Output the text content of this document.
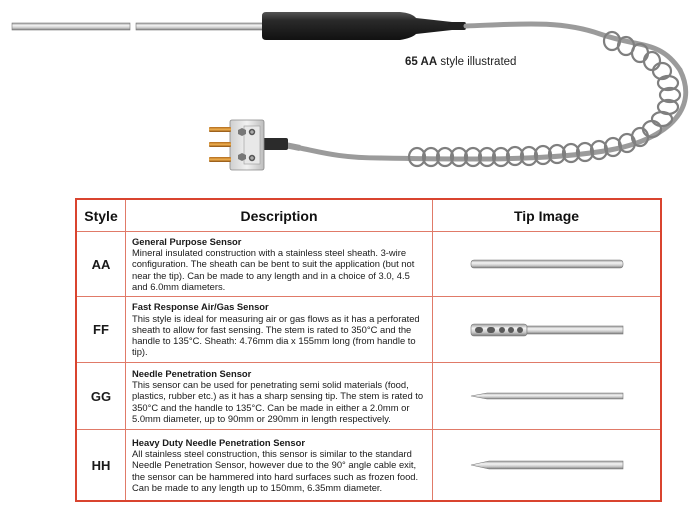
65 AA style illustrated
Style	Description	Tip Image
AA	General Purpose Sensor
Mineral insulated construction with a stainless steel sheath. 3-wire configuration. The sheath can be bent to suit the application (but not near the tip). Can be made to any length and in a choice of 3.0, 4.5 and 6.0mm diameters.	

FF	Fast Response Air/Gas Sensor
This style is ideal for measuring air or gas flows as it has a perforated sheath to allow for fast sensing. The stem is rated to 350°C and the handle to 135°C. Sheath: 4.76mm dia x 155mm long (from handle to tip).	

GG	Needle Penetration Sensor
This sensor can be used for penetrating semi solid materials (food, plastics, rubber etc.) as it has a sharp sensing tip. The stem is rated to 350°C and the handle to 135°C. Can be made in either a 2.0mm or 5.0mm diameter, up to 90mm or 290mm in length respectively.	

HH	Heavy Duty Needle Penetration Sensor
All stainless steel construction, this sensor is similar to the standard Needle Penetration Sensor, however due to the 90° angle cable exit, the sensor can be hammered into hard surfaces such as frozen food. Can be made to any length up to 150mm, 6.35mm diameter.	
